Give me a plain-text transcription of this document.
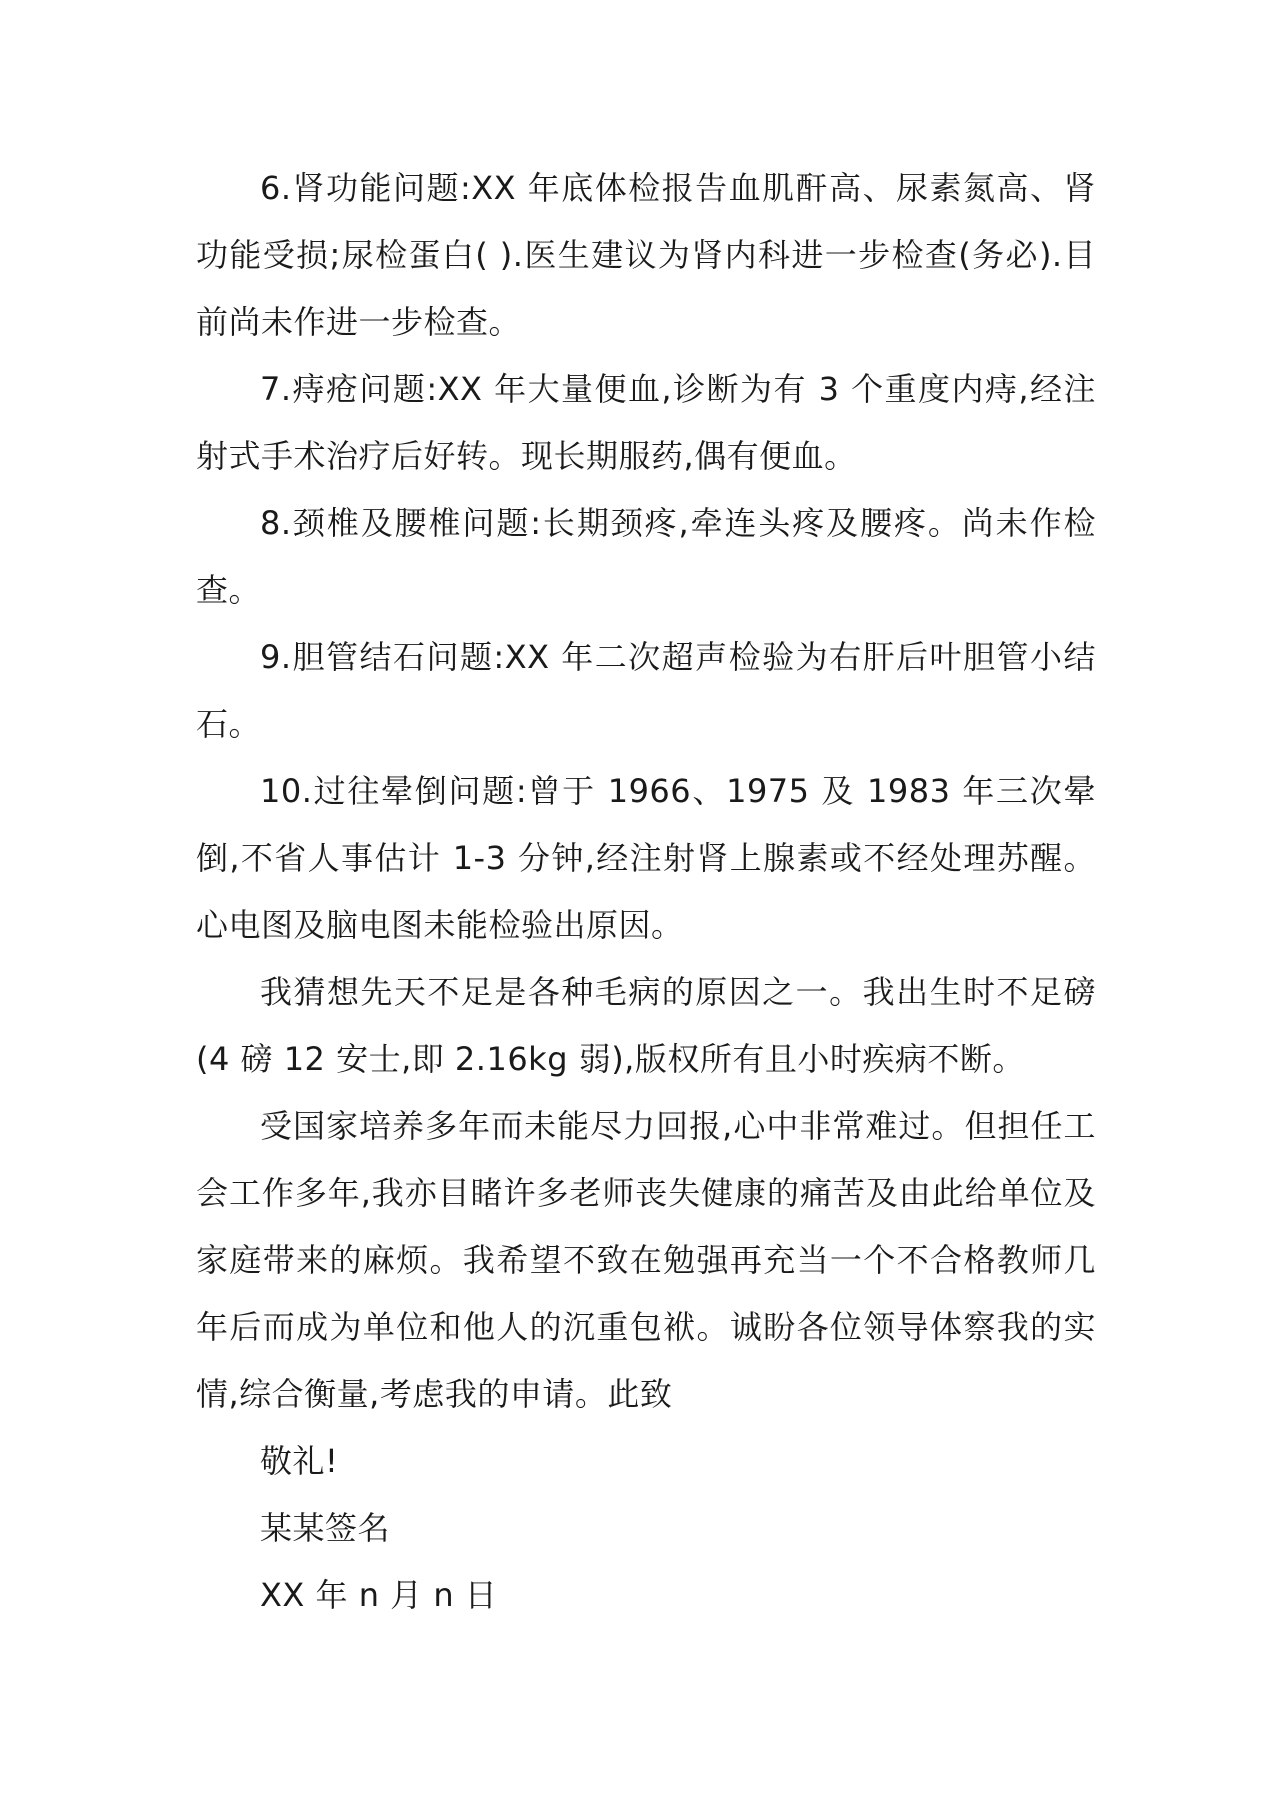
6.肾功能问题:XX 年底体检报告血肌酐高、尿素氮高、肾功能受损;尿检蛋白( ).医生建议为肾内科进一步检查(务必).目前尚未作进一步检查。

7.痔疮问题:XX 年大量便血,诊断为有 3 个重度内痔,经注射式手术治疗后好转。现长期服药,偶有便血。

8.颈椎及腰椎问题:长期颈疼,牵连头疼及腰疼。尚未作检查。

9.胆管结石问题:XX 年二次超声检验为右肝后叶胆管小结石。

10.过往晕倒问题:曾于 1966、1975 及 1983 年三次晕倒,不省人事估计 1-3 分钟,经注射肾上腺素或不经处理苏醒。心电图及脑电图未能检验出原因。

我猜想先天不足是各种毛病的原因之一。我出生时不足磅(4 磅 12 安士,即 2.16kg 弱),版权所有且小时疾病不断。

受国家培养多年而未能尽力回报,心中非常难过。但担任工会工作多年,我亦目睹许多老师丧失健康的痛苦及由此给单位及家庭带来的麻烦。我希望不致在勉强再充当一个不合格教师几年后而成为单位和他人的沉重包袱。诚盼各位领导体察我的实情,综合衡量,考虑我的申请。此致

敬礼!

某某签名

XX 年 n 月 n 日
